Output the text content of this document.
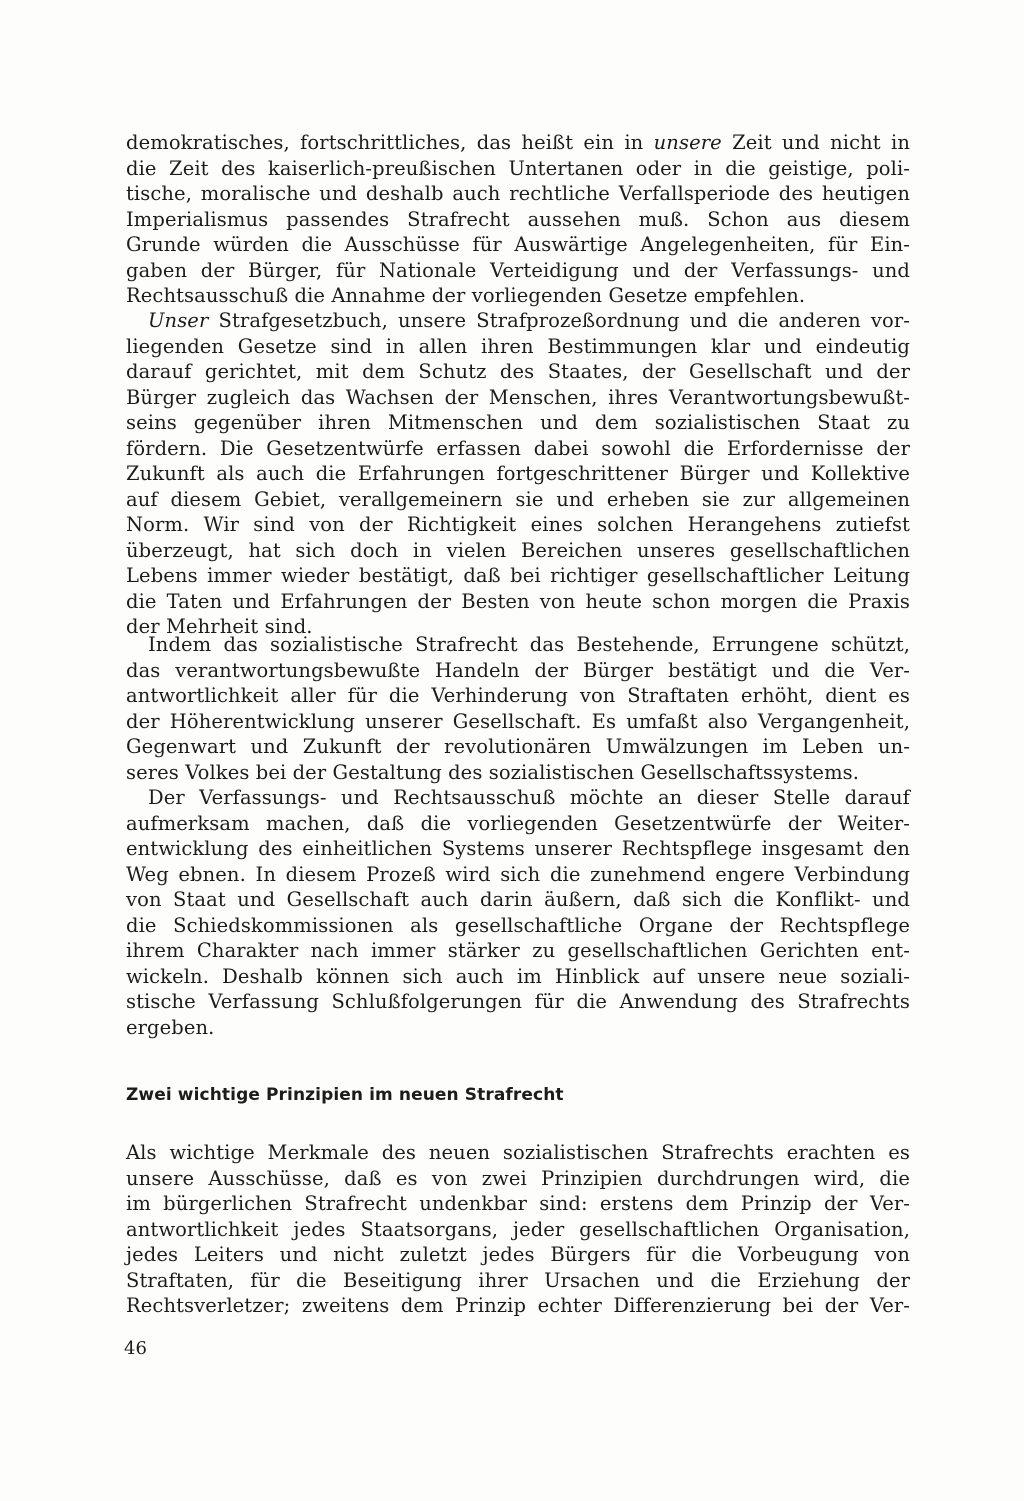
demokratisches, fortschrittliches, das heißt ein in unsere Zeit und nicht in
die Zeit des kaiserlich-preußischen Untertanen oder in die geistige, poli-
tische, moralische und deshalb auch rechtliche Verfallsperiode des heutigen
Imperialismus passendes Strafrecht aussehen muß. Schon aus diesem
Grunde würden die Ausschüsse für Auswärtige Angelegenheiten, für Ein-
gaben der Bürger, für Nationale Verteidigung und der Verfassungs- und
Rechtsausschuß die Annahme der vorliegenden Gesetze empfehlen.
Unser Strafgesetzbuch, unsere Strafprozeßordnung und die anderen vor-
liegenden Gesetze sind in allen ihren Bestimmungen klar und eindeutig
darauf gerichtet, mit dem Schutz des Staates, der Gesellschaft und der
Bürger zugleich das Wachsen der Menschen, ihres Verantwortungsbewußt-
seins gegenüber ihren Mitmenschen und dem sozialistischen Staat zu
fördern. Die Gesetzentwürfe erfassen dabei sowohl die Erfordernisse der
Zukunft als auch die Erfahrungen fortgeschrittener Bürger und Kollektive
auf diesem Gebiet, verallgemeinern sie und erheben sie zur allgemeinen
Norm. Wir sind von der Richtigkeit eines solchen Herangehens zutiefst
überzeugt, hat sich doch in vielen Bereichen unseres gesellschaftlichen
Lebens immer wieder bestätigt, daß bei richtiger gesellschaftlicher Leitung
die Taten und Erfahrungen der Besten von heute schon morgen die Praxis
der Mehrheit sind.
Indem das sozialistische Strafrecht das Bestehende, Errungene schützt,
das verantwortungsbewußte Handeln der Bürger bestätigt und die Ver-
antwortlichkeit aller für die Verhinderung von Straftaten erhöht, dient es
der Höherentwicklung unserer Gesellschaft. Es umfaßt also Vergangenheit,
Gegenwart und Zukunft der revolutionären Umwälzungen im Leben un-
seres Volkes bei der Gestaltung des sozialistischen Gesellschaftssystems.
Der Verfassungs- und Rechtsausschuß möchte an dieser Stelle darauf
aufmerksam machen, daß die vorliegenden Gesetzentwürfe der Weiter-
entwicklung des einheitlichen Systems unserer Rechtspflege insgesamt den
Weg ebnen. In diesem Prozeß wird sich die zunehmend engere Verbindung
von Staat und Gesellschaft auch darin äußern, daß sich die Konflikt- und
die Schiedskommissionen als gesellschaftliche Organe der Rechtspflege
ihrem Charakter nach immer stärker zu gesellschaftlichen Gerichten ent-
wickeln. Deshalb können sich auch im Hinblick auf unsere neue soziali-
stische Verfassung Schlußfolgerungen für die Anwendung des Strafrechts
ergeben.
Zwei wichtige Prinzipien im neuen Strafrecht
Als wichtige Merkmale des neuen sozialistischen Strafrechts erachten es
unsere Ausschüsse, daß es von zwei Prinzipien durchdrungen wird, die
im bürgerlichen Strafrecht undenkbar sind: erstens dem Prinzip der Ver-
antwortlichkeit jedes Staatsorgans, jeder gesellschaftlichen Organisation,
jedes Leiters und nicht zuletzt jedes Bürgers für die Vorbeugung von
Straftaten, für die Beseitigung ihrer Ursachen und die Erziehung der
Rechtsverletzer; zweitens dem Prinzip echter Differenzierung bei der Ver-
46
